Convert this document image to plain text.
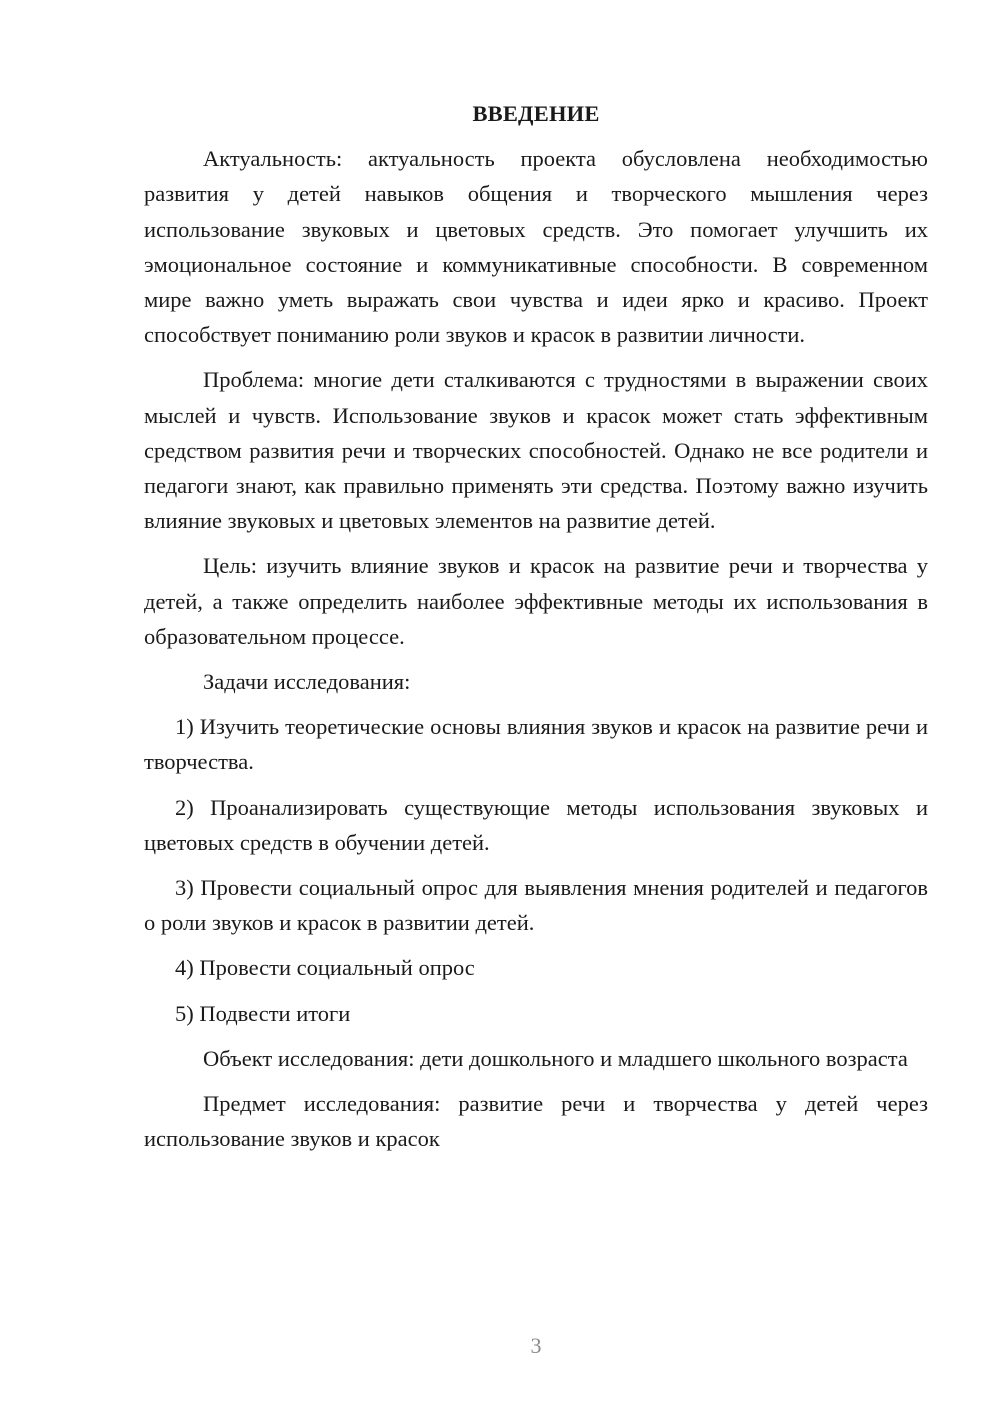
ВВЕДЕНИЕ
Актуальность: актуальность проекта обусловлена необходимостью развития у детей навыков общения и творческого мышления через использование звуковых и цветовых средств. Это помогает улучшить их эмоциональное состояние и коммуникативные способности. В современном мире важно уметь выражать свои чувства и идеи ярко и красиво. Проект способствует пониманию роли звуков и красок в развитии личности.
Проблема: многие дети сталкиваются с трудностями в выражении своих мыслей и чувств. Использование звуков и красок может стать эффективным средством развития речи и творческих способностей. Однако не все родители и педагоги знают, как правильно применять эти средства. Поэтому важно изучить влияние звуковых и цветовых элементов на развитие детей.
Цель: изучить влияние звуков и красок на развитие речи и творчества у детей, а также определить наиболее эффективные методы их использования в образовательном процессе.
Задачи исследования:
1) Изучить теоретические основы влияния звуков и красок на развитие речи и творчества.
2) Проанализировать существующие методы использования звуковых и цветовых средств в обучении детей.
3) Провести социальный опрос для выявления мнения родителей и педагогов о роли звуков и красок в развитии детей.
4) Провести социальный опрос
5) Подвести итоги
Объект исследования: дети дошкольного и младшего школьного возраста
Предмет исследования: развитие речи и творчества у детей через использование звуков и красок
3
